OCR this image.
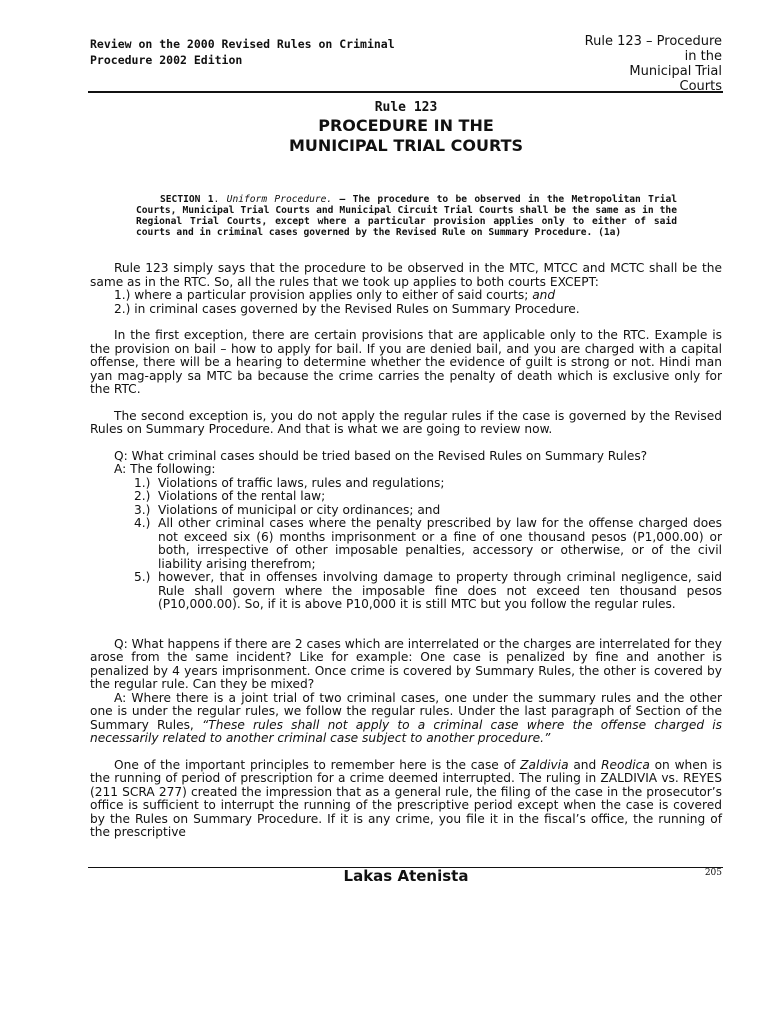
Review on the 2000 Revised Rules on Criminal
Procedure 2002 Edition
Rule 123 – Procedure
in the
Municipal Trial
Courts
Rule 123
PROCEDURE IN THE
MUNICIPAL TRIAL COURTS

SECTION 1. Uniform Procedure. – The procedure to be observed in the Metropolitan Trial Courts, Municipal Trial Courts and Municipal Circuit Trial Courts shall be the same as in the Regional Trial Courts, except where a particular provision applies only to either of said courts and in criminal cases governed by the Revised Rule on Summary Procedure. (1a)

Rule 123 simply says that the procedure to be observed in the MTC, MTCC and MCTC shall be the same as in the RTC. So, all the rules that we took up applies to both courts EXCEPT:

1.) where a particular provision applies only to either of said courts; and
2.) in criminal cases governed by the Revised Rules on Summary Procedure.

In the first exception, there are certain provisions that are applicable only to the RTC. Example is the provision on bail – how to apply for bail. If you are denied bail, and you are charged with a capital offense, there will be a hearing to determine whether the evidence of guilt is strong or not. Hindi man yan mag-apply sa MTC ba because the crime carries the penalty of death which is exclusive only for the RTC.

The second exception is, you do not apply the regular rules if the case is governed by the Revised Rules on Summary Procedure. And that is what we are going to review now.

Q: What criminal cases should be tried based on the Revised Rules on Summary Rules?
A: The following:
1.) Violations of traffic laws, rules and regulations;
2.) Violations of the rental law;
3.) Violations of municipal or city ordinances; and
4.) All other criminal cases where the penalty prescribed by law for the offense charged does not exceed six (6) months imprisonment or a fine of one thousand pesos (P1,000.00) or both, irrespective of other imposable penalties, accessory or otherwise, or of the civil liability arising therefrom;
5.) however, that in offenses involving damage to property through criminal negligence, said Rule shall govern where the imposable fine does not exceed ten thousand pesos (P10,000.00). So, if it is above P10,000 it is still MTC but you follow the regular rules.

Q: What happens if there are 2 cases which are interrelated or the charges are interrelated for they arose from the same incident? Like for example: One case is penalized by fine and another is penalized by 4 years imprisonment. Once crime is covered by Summary Rules, the other is covered by the regular rule. Can they be mixed?

A: Where there is a joint trial of two criminal cases, one under the summary rules and the other one is under the regular rules, we follow the regular rules. Under the last paragraph of Section of the Summary Rules, “These rules shall not apply to a criminal case where the offense charged is necessarily related to another criminal case subject to another procedure.”

One of the important principles to remember here is the case of Zaldivia and Reodica on when is the running of period of prescription for a crime deemed interrupted. The ruling in ZALDIVIA vs. REYES (211 SCRA 277) created the impression that as a general rule, the filing of the case in the prosecutor’s office is sufficient to interrupt the running of the prescriptive period except when the case is covered by the Rules on Summary Procedure. If it is any crime, you file it in the fiscal’s office, the running of the prescriptive

Lakas Atenista	205
